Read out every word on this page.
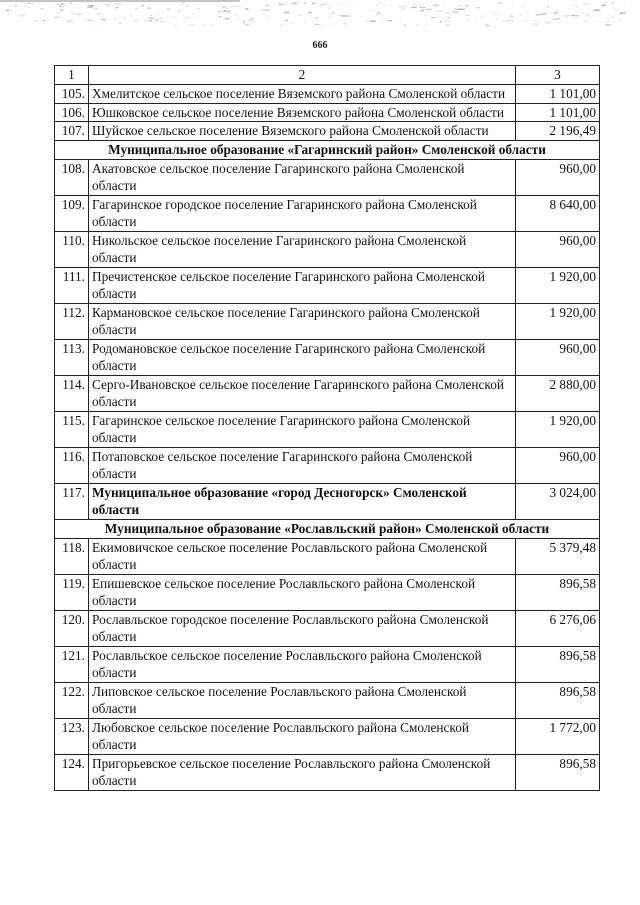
666
1	2	3
105.	Хмелитское сельское поселение Вяземского района Смоленской области	1 101,00
106.	Юшковское сельское поселение Вяземского района Смоленской области	1 101,00
107.	Шуйское сельское поселение Вяземского района Смоленской области	2 196,49
Муниципальное образование «Гагаринский район» Смоленской области		
108.	Акатовское сельское поселение Гагаринского района Смоленской области	960,00
109.	Гагаринское городское поселение Гагаринского района Смоленской области	8 640,00
110.	Никольское сельское поселение Гагаринского района Смоленской области	960,00
111.	Пречистенское сельское поселение Гагаринского района Смоленской области	1 920,00
112.	Кармановское сельское поселение Гагаринского района Смоленской области	1 920,00
113.	Родомановское сельское поселение Гагаринского района Смоленской области	960,00
114.	Серго-Ивановское сельское поселение Гагаринского района Смоленской области	2 880,00
115.	Гагаринское сельское поселение Гагаринского района Смоленской области	1 920,00
116.	Потаповское сельское поселение Гагаринского района Смоленской области	960,00
117.	Муниципальное образование «город Десногорск» Смоленской области	3 024,00
Муниципальное образование «Рославльский район» Смоленской области		
118.	Екимовичское сельское поселение Рославльского района Смоленской области	5 379,48
119.	Епишевское сельское поселение Рославльского района Смоленской области	896,58
120.	Рославльское городское поселение Рославльского района Смоленской области	6 276,06
121.	Рославльское сельское поселение Рославльского района Смоленской области	896,58
122.	Липовское сельское поселение Рославльского района Смоленской области	896,58
123.	Любовское сельское поселение Рославльского района Смоленской области	1 772,00
124.	Пригорьевское сельское поселение Рославльского района Смоленской области	896,58
